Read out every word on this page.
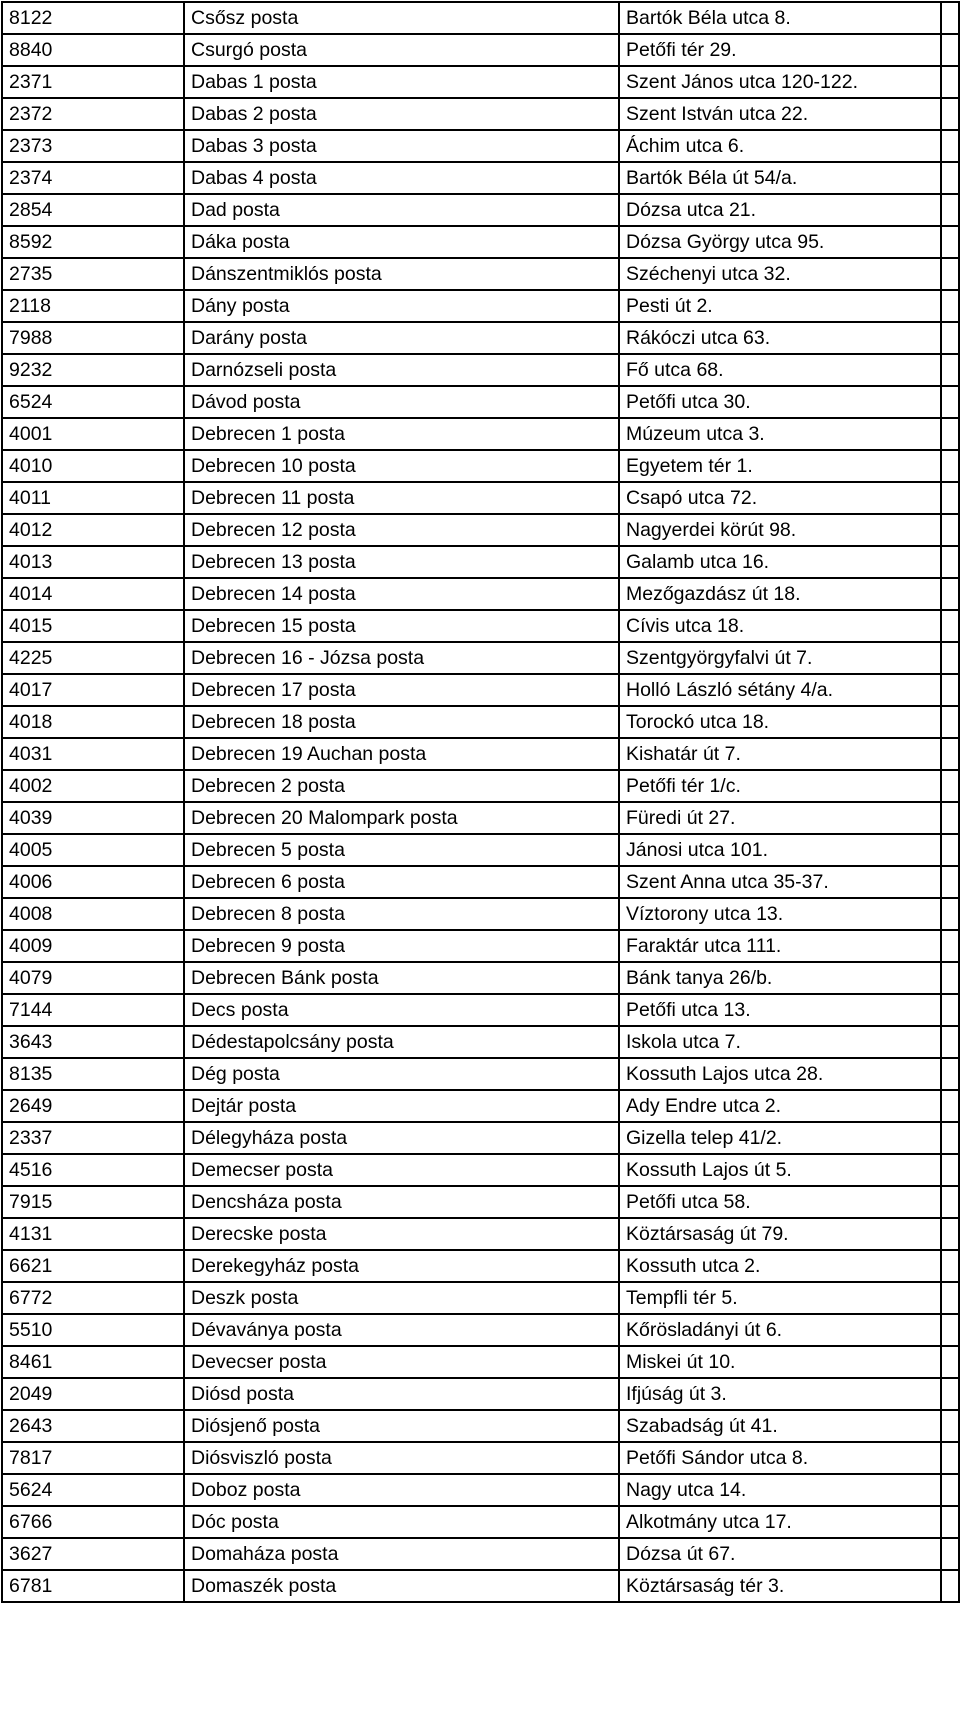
8122	Csősz posta	Bartók Béla utca 8.	
8840	Csurgó posta	Petőfi tér 29.	
2371	Dabas 1 posta	Szent János utca 120-122.	
2372	Dabas 2 posta	Szent István utca 22.	
2373	Dabas 3 posta	Áchim utca 6.	
2374	Dabas 4 posta	Bartók Béla út 54/a.	
2854	Dad posta	Dózsa utca 21.	
8592	Dáka posta	Dózsa György utca 95.	
2735	Dánszentmiklós posta	Széchenyi utca 32.	
2118	Dány posta	Pesti út 2.	
7988	Darány posta	Rákóczi utca 63.	
9232	Darnózseli posta	Fő utca 68.	
6524	Dávod posta	Petőfi utca 30.	
4001	Debrecen 1 posta	Múzeum utca 3.	
4010	Debrecen 10 posta	Egyetem tér 1.	
4011	Debrecen 11 posta	Csapó utca 72.	
4012	Debrecen 12 posta	Nagyerdei körút 98.	
4013	Debrecen 13 posta	Galamb utca 16.	
4014	Debrecen 14 posta	Mezőgazdász út 18.	
4015	Debrecen 15 posta	Cívis utca 18.	
4225	Debrecen 16 - Józsa posta	Szentgyörgyfalvi út 7.	
4017	Debrecen 17 posta	Holló László sétány 4/a.	
4018	Debrecen 18 posta	Torockó utca 18.	
4031	Debrecen 19 Auchan posta	Kishatár út 7.	
4002	Debrecen 2 posta	Petőfi tér 1/c.	
4039	Debrecen 20 Malompark posta	Füredi út 27.	
4005	Debrecen 5 posta	Jánosi utca 101.	
4006	Debrecen 6 posta	Szent Anna utca 35-37.	
4008	Debrecen 8 posta	Víztorony utca 13.	
4009	Debrecen 9 posta	Faraktár utca 111.	
4079	Debrecen Bánk posta	Bánk tanya 26/b.	
7144	Decs posta	Petőfi utca 13.	
3643	Dédestapolcsány posta	Iskola utca 7.	
8135	Dég posta	Kossuth Lajos utca 28.	
2649	Dejtár posta	Ady Endre utca 2.	
2337	Délegyháza posta	Gizella telep 41/2.	
4516	Demecser posta	Kossuth Lajos út 5.	
7915	Dencsháza posta	Petőfi utca 58.	
4131	Derecske posta	Köztársaság út 79.	
6621	Derekegyház posta	Kossuth utca 2.	
6772	Deszk posta	Tempfli tér 5.	
5510	Dévaványa posta	Kőrösladányi út 6.	
8461	Devecser posta	Miskei út 10.	
2049	Diósd posta	Ifjúság út 3.	
2643	Diósjenő posta	Szabadság út 41.	
7817	Diósviszló posta	Petőfi Sándor utca 8.	
5624	Doboz posta	Nagy utca 14.	
6766	Dóc posta	Alkotmány utca 17.	
3627	Domaháza posta	Dózsa út 67.	
6781	Domaszék posta	Köztársaság tér 3.	
